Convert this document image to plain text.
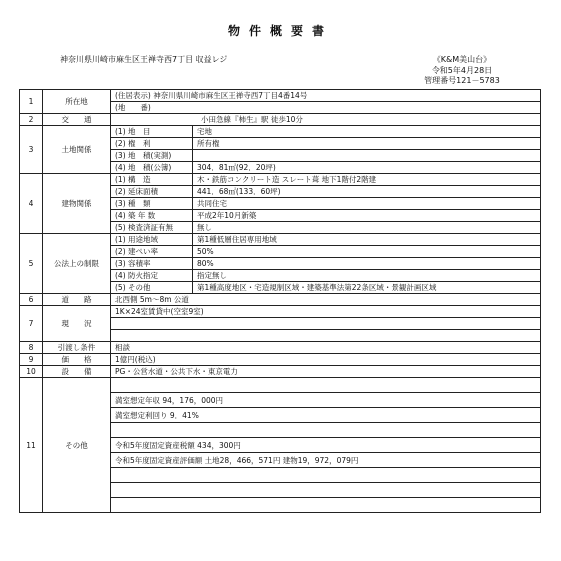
物件概要書
神奈川県川崎市麻生区王禅寺西7丁目 収益レジ	《K&M美山台》
令和5年4月28日
管理番号121－5783
1	所在地	(住居表示) 神奈川県川崎市麻生区王禅寺西7丁目4番14号	
		(地　　番)	
2	交　　通	小田急線『柿生』駅 徒歩10分	
3	土地関係	(1) 地　目	宅地
		(2) 権　利	所有権
		(3) 地　積(実測)	
		(4) 地　積(公簿)	304．81㎡(92．20坪)
4	建物関係	(1) 構　造	木・鉄筋コンクリート造 スレート葺 地下1階付2階建
		(2) 延床面積	441．68㎡(133．60坪)
		(3) 種　類	共同住宅
		(4) 築 年 数	平成2年10月新築
		(5) 検査済証有無	無し
5	公法上の制限	(1) 用途地域	第1種低層住居専用地域
		(2) 建ぺい率	50%
		(3) 容積率	80%
		(4) 防火指定	指定無し
		(5) その他	第1種高度地区・宅造規制区域・建築基準法第22条区域・景観計画区域
6	道　　路	北西側 5m～8m 公道	
7	現　　況	1K×24室賃貸中(空室9室)	

8	引渡し条件	相談	
9	価　　格	1億円(税込)	
10	設　　備	PG・公営水道・公共下水・東京電力	
11	その他		
		満室想定年収 94，176，000円	
		満室想定利回り 9．41%	

		令和5年度固定資産税額 434，300円	
		令和5年度固定資産評価額 土地28，466，571円 建物19，972，079円	
